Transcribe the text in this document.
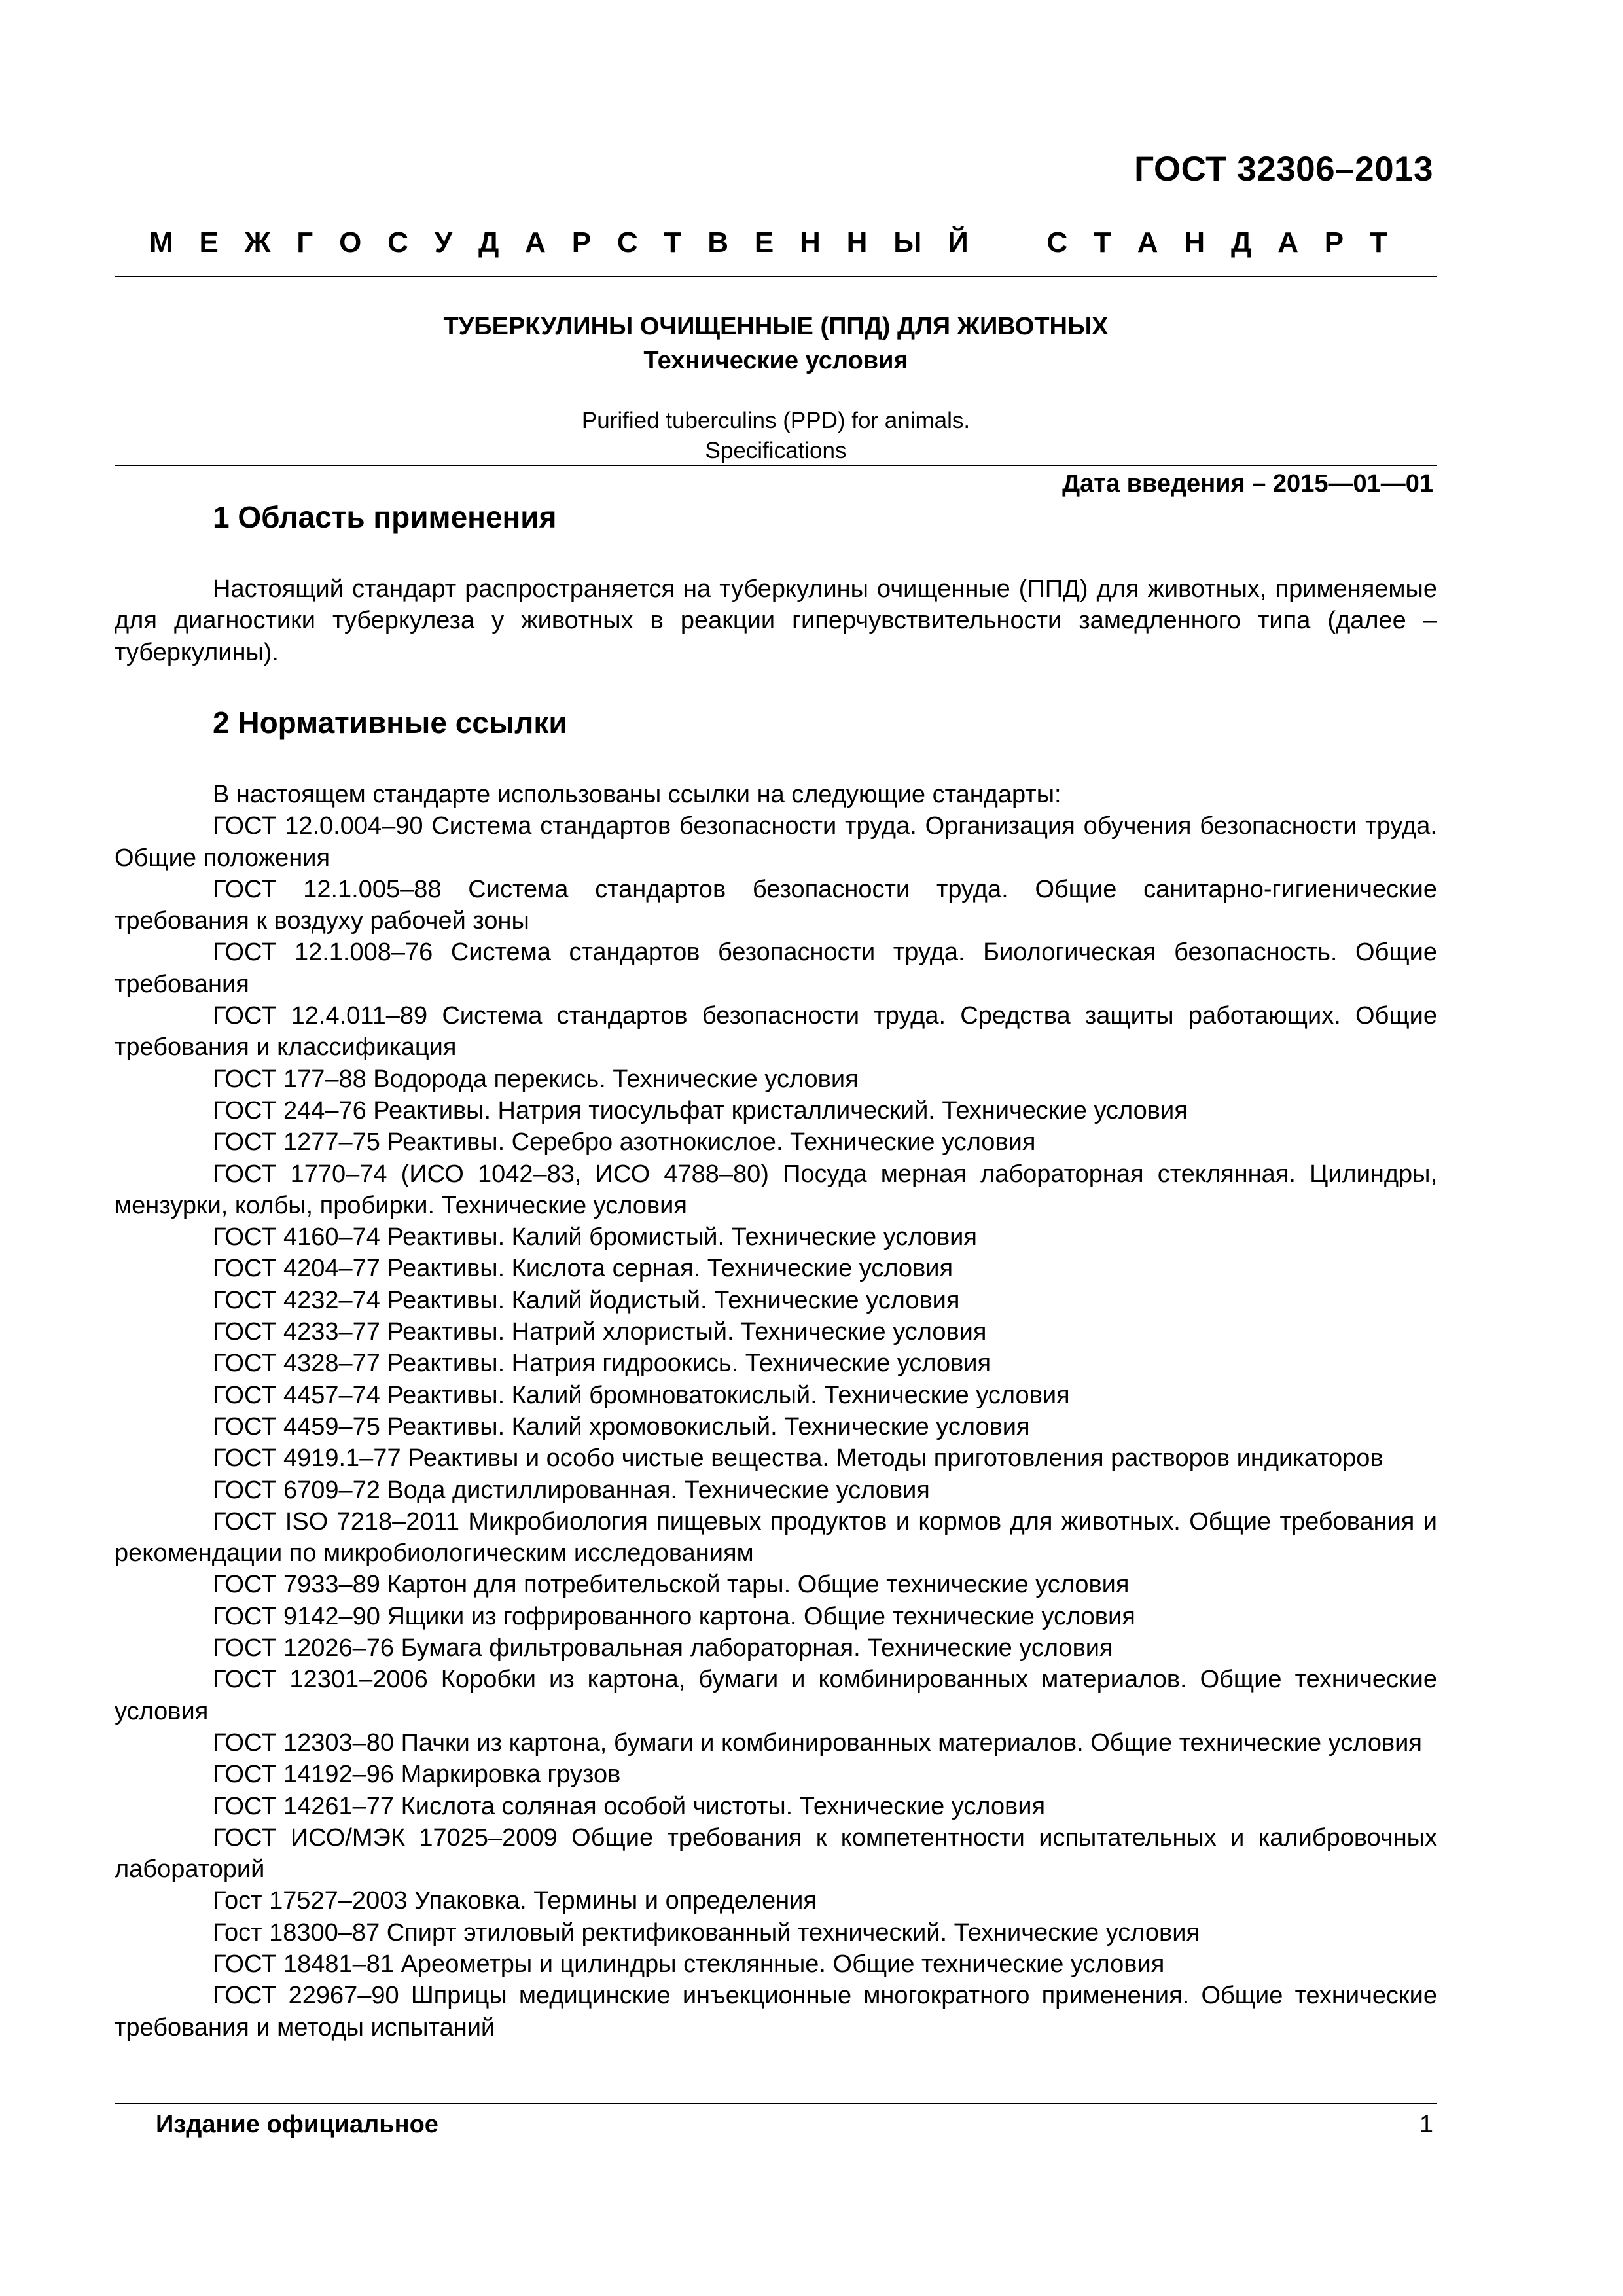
ГОСТ 32306–2013
М Е Ж Г О С У Д А Р С Т В Е Н Н Ы Й	С Т А Н Д А Р Т
ТУБЕРКУЛИНЫ ОЧИЩЕННЫЕ (ППД) ДЛЯ ЖИВОТНЫХ
Технические условия
Purified tuberculins (PPD) for animals.
Specifications
Дата введения – 2015—01—01
1 Область применения

Настоящий стандарт распространяется на туберкулины очищенные (ППД) для животных, применяемые для диагностики туберкулеза у животных в реакции гиперчувствительности замедленного типа (далее – туберкулины).

2 Нормативные ссылки

В настоящем стандарте использованы ссылки на следующие стандарты:

ГОСТ 12.0.004–90 Система стандартов безопасности труда. Организация обучения безопасности труда. Общие положения

ГОСТ 12.1.005–88 Система стандартов безопасности труда. Общие санитарно-гигиенические требования к воздуху рабочей зоны

ГОСТ 12.1.008–76 Система стандартов безопасности труда. Биологическая безопасность. Общие требования

ГОСТ 12.4.011–89 Система стандартов безопасности труда. Средства защиты работающих. Общие требования и классификация

ГОСТ 177–88 Водорода перекись. Технические условия

ГОСТ 244–76 Реактивы. Натрия тиосульфат кристаллический. Технические условия

ГОСТ 1277–75 Реактивы. Серебро азотнокислое. Технические условия

ГОСТ 1770–74 (ИСО 1042–83, ИСО 4788–80) Посуда мерная лабораторная стеклянная. Цилиндры, мензурки, колбы, пробирки. Технические условия

ГОСТ 4160–74 Реактивы. Калий бромистый. Технические условия

ГОСТ 4204–77 Реактивы. Кислота серная. Технические условия

ГОСТ 4232–74 Реактивы. Калий йодистый. Технические условия

ГОСТ 4233–77 Реактивы. Натрий хлористый. Технические условия

ГОСТ 4328–77 Реактивы. Натрия гидроокись. Технические условия

ГОСТ 4457–74 Реактивы. Калий бромноватокислый. Технические условия

ГОСТ 4459–75 Реактивы. Калий хромовокислый. Технические условия

ГОСТ 4919.1–77 Реактивы и особо чистые вещества. Методы приготовления растворов индикаторов

ГОСТ 6709–72 Вода дистиллированная. Технические условия

ГОСТ ISO 7218–2011 Микробиология пищевых продуктов и кормов для животных. Общие требования и рекомендации по микробиологическим исследованиям

ГОСТ 7933–89 Картон для потребительской тары. Общие технические условия

ГОСТ 9142–90 Ящики из гофрированного картона. Общие технические условия

ГОСТ 12026–76 Бумага фильтровальная лабораторная. Технические условия

ГОСТ 12301–2006 Коробки из картона, бумаги и комбинированных материалов. Общие технические условия

ГОСТ 12303–80 Пачки из картона, бумаги и комбинированных материалов. Общие технические условия

ГОСТ 14192–96 Маркировка грузов

ГОСТ 14261–77 Кислота соляная особой чистоты. Технические условия

ГОСТ ИСО/МЭК 17025–2009 Общие требования к компетентности испытательных и калибровочных лабораторий

Гост 17527–2003 Упаковка. Термины и определения

Гост 18300–87 Спирт этиловый ректификованный технический. Технические условия

ГОСТ 18481–81 Ареометры и цилиндры стеклянные. Общие технические условия

ГОСТ 22967–90 Шприцы медицинские инъекционные многократного применения. Общие технические требования и методы испытаний

Издание официальное	1
